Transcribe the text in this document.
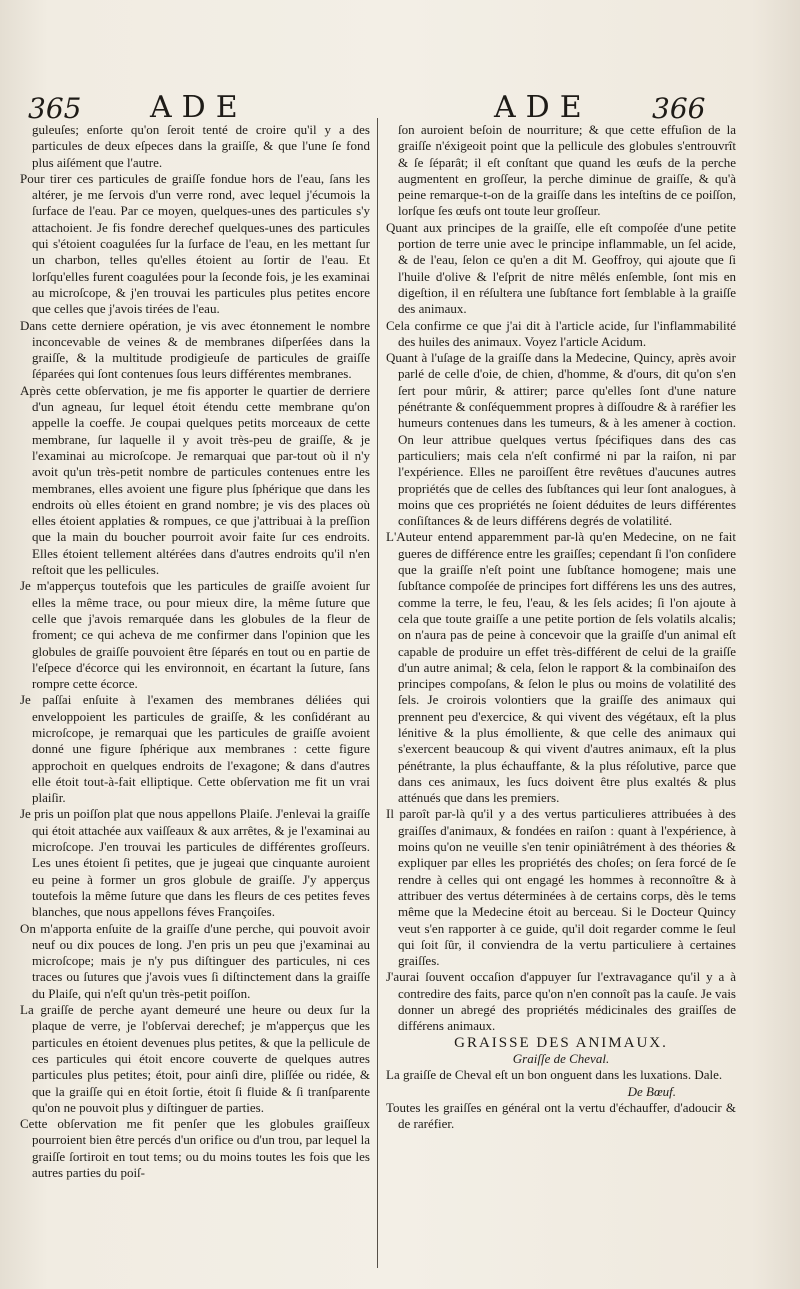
365 ADE	ADE 366

guleuſes; enſorte qu'on ſeroit tenté de croire qu'il y a des particules de deux eſpeces dans la graiſſe, & que l'une ſe fond plus aiſément que l'autre.

Pour tirer ces particules de graiſſe fondue hors de l'eau, ſans les altérer, je me ſervois d'un verre rond, avec lequel j'écumois la ſurface de l'eau. Par ce moyen, quelques-unes des particules s'y attachoient. Je fis fondre derechef quelques-unes des particules qui s'étoient coagulées ſur la ſurface de l'eau, en les mettant ſur un charbon, telles qu'elles étoient au ſortir de l'eau. Et lorſqu'elles furent coagulées pour la ſeconde fois, je les examinai au microſcope, & j'en trouvai les particules plus petites encore que celles que j'avois tirées de l'eau.

Dans cette derniere opération, je vis avec étonnement le nombre inconcevable de veines & de membranes diſperſées dans la graiſſe, & la multitude prodigieuſe de particules de graiſſe ſéparées qui ſont contenues ſous leurs différentes membranes.

Après cette obſervation, je me fis apporter le quartier de derriere d'un agneau, ſur lequel étoit étendu cette membrane qu'on appelle la coeffe. Je coupai quelques petits morceaux de cette membrane, ſur laquelle il y avoit très-peu de graiſſe, & je l'examinai au microſcope. Je remarquai que par-tout où il n'y avoit qu'un très-petit nombre de particules contenues entre les membranes, elles avoient une figure plus ſphérique que dans les endroits où elles étoient en grand nombre; je vis des places où elles étoient applaties & rompues, ce que j'attribuai à la preſſion que la main du boucher pourroit avoir faite ſur ces endroits. Elles étoient tellement altérées dans d'autres endroits qu'il n'en reſtoit que les pellicules.

Je m'apperçus toutefois que les particules de graiſſe avoient ſur elles la même trace, ou pour mieux dire, la même ſuture que celle que j'avois remarquée dans les globules de la fleur de froment; ce qui acheva de me confirmer dans l'opinion que les globules de graiſſe pouvoient être ſéparés en tout ou en partie de l'eſpece d'écorce qui les environnoit, en écartant la ſuture, ſans rompre cette écorce.

Je paſſai enſuite à l'examen des membranes déliées qui enveloppoient les particules de graiſſe, & les conſidérant au microſcope, je remarquai que les particules de graiſſe avoient donné une figure ſphérique aux membranes : cette figure approchoit en quelques endroits de l'exagone; & dans d'autres elle étoit tout-à-fait elliptique. Cette obſervation me fit un vrai plaiſir.

Je pris un poiſſon plat que nous appellons Plaiſe. J'enlevai la graiſſe qui étoit attachée aux vaiſſeaux & aux arrêtes, & je l'examinai au microſcope. J'en trouvai les particules de différentes groſſeurs. Les unes étoient ſi petites, que je jugeai que cinquante auroient eu peine à former un gros globule de graiſſe. J'y apperçus toutefois la même ſuture que dans les fleurs de ces petites feves blanches, que nous appellons féves Françoiſes.

On m'apporta enſuite de la graiſſe d'une perche, qui pouvoit avoir neuf ou dix pouces de long. J'en pris un peu que j'examinai au microſcope; mais je n'y pus diſtinguer des particules, ni ces traces ou ſutures que j'avois vues ſi diſtinctement dans la graiſſe du Plaiſe, qui n'eſt qu'un très-petit poiſſon.

La graiſſe de perche ayant demeuré une heure ou deux ſur la plaque de verre, je l'obſervai derechef; je m'apperçus que les particules en étoient devenues plus petites, & que la pellicule de ces particules qui étoit encore couverte de quelques autres particules plus petites; étoit, pour ainſi dire, pliſſée ou ridée, & que la graiſſe qui en étoit ſortie, étoit ſi fluide & ſi tranſparente qu'on ne pouvoit plus y diſtinguer de parties.

Cette obſervation me fit penſer que les globules graiſſeux pourroient bien être percés d'un orifice ou d'un trou, par lequel la graiſſe ſortiroit en tout tems; ou du moins toutes les fois que les autres parties du poiſ-

ſon auroient beſoin de nourriture; & que cette effuſion de la graiſſe n'éxigeoit point que la pellicule des globules s'entrouvrît & ſe ſéparât; il eſt conſtant que quand les œufs de la perche augmentent en groſſeur, la perche diminue de graiſſe, & qu'à peine remarque-t-on de la graiſſe dans les inteſtins de ce poiſſon, lorſque ſes œufs ont toute leur groſſeur.

Quant aux principes de la graiſſe, elle eſt compoſée d'une petite portion de terre unie avec le principe inflammable, un ſel acide, & de l'eau, ſelon ce qu'en a dit M. Geoffroy, qui ajoute que ſi l'huile d'olive & l'eſprit de nitre mêlés enſemble, ſont mis en digeſtion, il en réſultera une ſubſtance fort ſemblable à la graiſſe des animaux.

Cela confirme ce que j'ai dit à l'article acide, ſur l'inflammabilité des huiles des animaux. Voyez l'article Acidum.

Quant à l'uſage de la graiſſe dans la Medecine, Quincy, après avoir parlé de celle d'oie, de chien, d'homme, & d'ours, dit qu'on s'en ſert pour mûrir, & attirer; parce qu'elles ſont d'une nature pénétrante & conſéquemment propres à diſſoudre & à raréfier les humeurs contenues dans les tumeurs, & à les amener à coction. On leur attribue quelques vertus ſpécifiques dans des cas particuliers; mais cela n'eſt confirmé ni par la raiſon, ni par l'expérience. Elles ne paroiſſent être revêtues d'aucunes autres propriétés que de celles des ſubſtances qui leur ſont analogues, à moins que ces propriétés ne ſoient déduites de leurs différentes conſiſtances & de leurs différens degrés de volatilité.

L'Auteur entend apparemment par-là qu'en Medecine, on ne fait gueres de différence entre les graiſſes; cependant ſi l'on conſidere que la graiſſe n'eſt point une ſubſtance homogene; mais une ſubſtance compoſée de principes fort différens les uns des autres, comme la terre, le feu, l'eau, & les ſels acides; ſi l'on ajoute à cela que toute graiſſe a une petite portion de ſels volatils alcalis; on n'aura pas de peine à concevoir que la graiſſe d'un animal eſt capable de produire un effet très-différent de celui de la graiſſe d'un autre animal; & cela, ſelon le rapport & la combinaiſon des principes compoſans, & ſelon le plus ou moins de volatilité des ſels. Je croirois volontiers que la graiſſe des animaux qui prennent peu d'exercice, & qui vivent des végétaux, eſt la plus lénitive & la plus émolliente, & que celle des animaux qui s'exercent beaucoup & qui vivent d'autres animaux, eſt la plus pénétrante, la plus échauffante, & la plus réſolutive, parce que dans ces animaux, les ſucs doivent être plus exaltés & plus atténués que dans les premiers.

Il paroît par-là qu'il y a des vertus particulieres attribuées à des graiſſes d'animaux, & fondées en raiſon : quant à l'expérience, à moins qu'on ne veuille s'en tenir opiniâtrément à des théories & expliquer par elles les propriétés des choſes; on ſera forcé de ſe rendre à celles qui ont engagé les hommes à reconnoître & à attribuer des vertus déterminées à de certains corps, dès le tems même que la Medecine étoit au berceau. Si le Docteur Quincy veut s'en rapporter à ce guide, qu'il doit regarder comme le ſeul qui ſoit ſûr, il conviendra de la vertu particuliere à certaines graiſſes.

J'aurai ſouvent occaſion d'appuyer ſur l'extravagance qu'il y a à contredire des faits, parce qu'on n'en connoît pas la cauſe. Je vais donner un abregé des propriétés médicinales des graiſſes de différens animaux.

GRAISSE DES ANIMAUX.

Graiſſe de Cheval.

La graiſſe de Cheval eſt un bon onguent dans les luxations. Dale.

De Bœuf.

Toutes les graiſſes en général ont la vertu d'échauffer, d'adoucir & de raréfier.
